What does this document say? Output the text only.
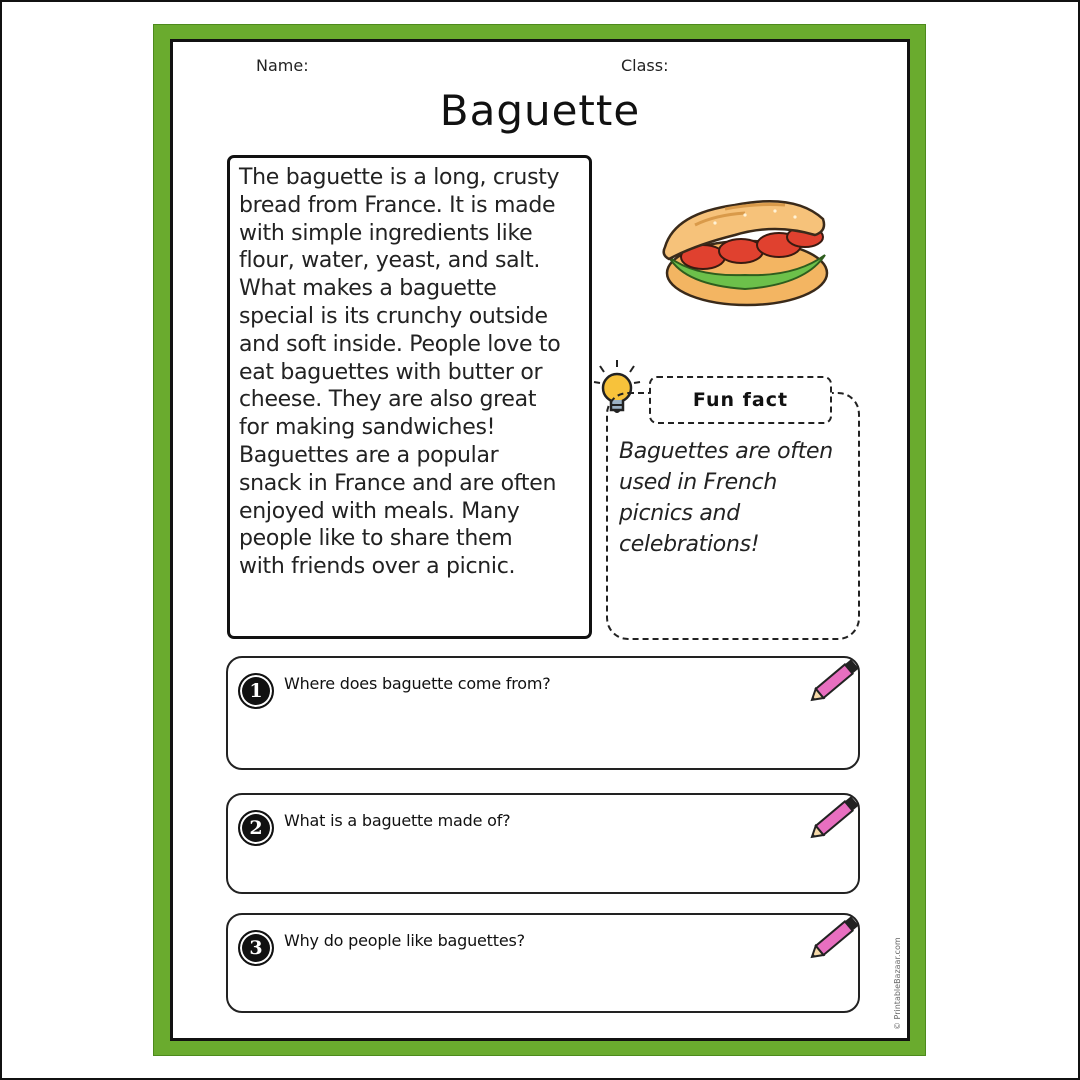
Name:	Class:
Baguette
The baguette is a long, crusty
bread from France. It is made
with simple ingredients like
flour, water, yeast, and salt.
What makes a baguette
special is its crunchy outside
and soft inside. People love to
eat baguettes with butter or
cheese. They are also great
for making sandwiches!
Baguettes are a popular
snack in France and are often
enjoyed with meals. Many
people like to share them
with friends over a picnic.
Fun fact
Baguettes are often
used in French
picnics and
celebrations!
1	Where does baguette come from?
2	What is a baguette made of?
3	Why do people like baguettes?	© PrintableBazaar.com
